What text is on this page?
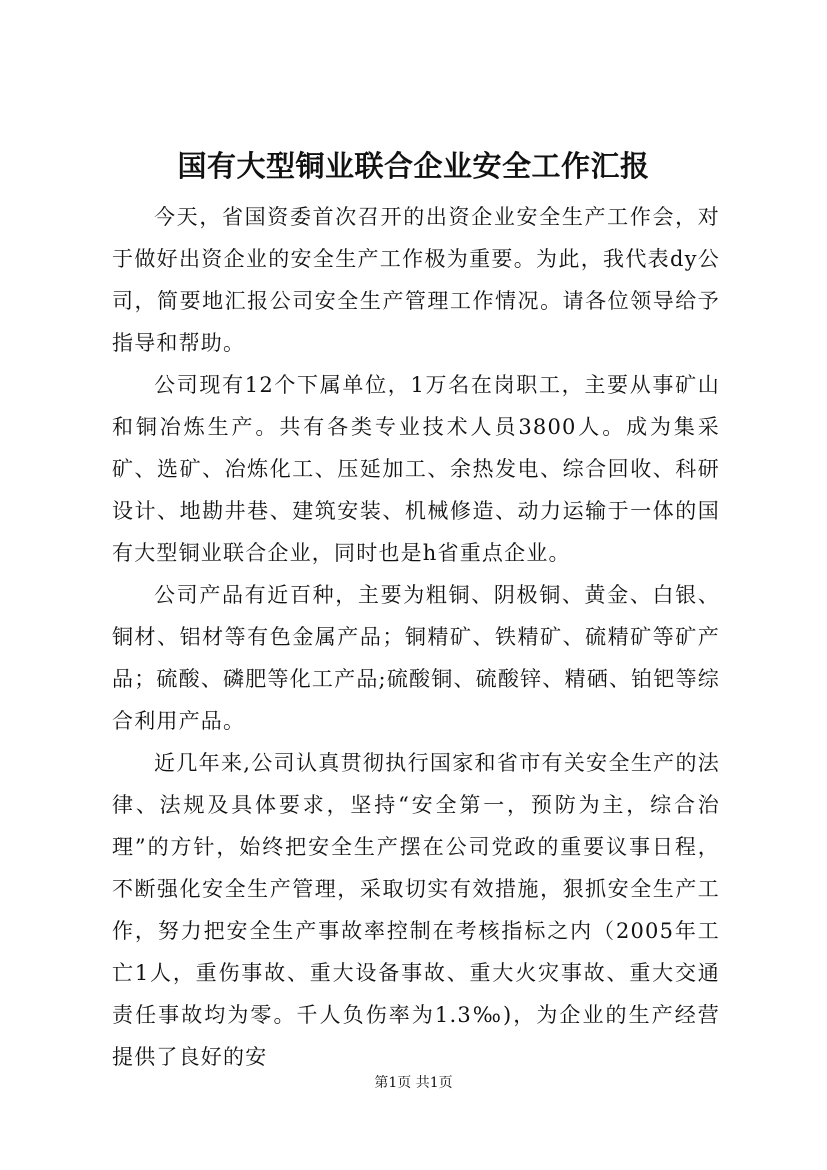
国有大型铜业联合企业安全工作汇报

今天，省国资委首次召开的出资企业安全生产工作会，对于做好出资企业的安全生产工作极为重要。为此，我代表dy公司，简要地汇报公司安全生产管理工作情况。请各位领导给予指导和帮助。

公司现有12个下属单位，1万名在岗职工，主要从事矿山和铜冶炼生产。共有各类专业技术人员3800人。成为集采矿、选矿、冶炼化工、压延加工、余热发电、综合回收、科研设计、地勘井巷、建筑安装、机械修造、动力运输于一体的国有大型铜业联合企业，同时也是h省重点企业。

公司产品有近百种，主要为粗铜、阴极铜、黄金、白银、铜材、铝材等有色金属产品；铜精矿、铁精矿、硫精矿等矿产品；硫酸、磷肥等化工产品;硫酸铜、硫酸锌、精硒、铂钯等综合利用产品。

近几年来,公司认真贯彻执行国家和省市有关安全生产的法律、法规及具体要求，坚持“安全第一，预防为主，综合治理”的方针，始终把安全生产摆在公司党政的重要议事日程，不断强化安全生产管理，采取切实有效措施，狠抓安全生产工作，努力把安全生产事故率控制在考核指标之内（2005年工亡1人，重伤事故、重大设备事故、重大火灾事故、重大交通责任事故均为零。千人负伤率为1.3‰)，为企业的生产经营提供了良好的安

第1页 共1页
